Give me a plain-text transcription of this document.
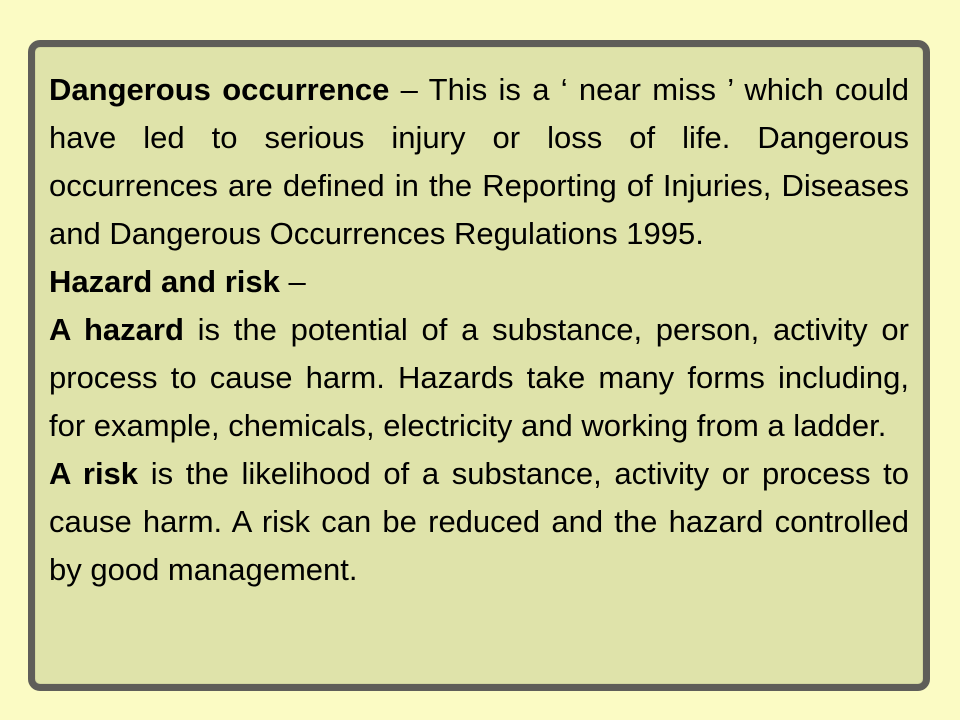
Dangerous occurrence – This is a ‘ near miss ’ which could have led to serious injury or loss of life. Dangerous occurrences are defined in the Reporting of Injuries, Diseases and Dangerous Occurrences Regulations 1995.

Hazard and risk –

A hazard is the potential of a substance, person, activity or process to cause harm. Hazards take many forms including, for example, chemicals, electricity and working from a ladder.

A risk is the likelihood of a substance, activity or process to cause harm. A risk can be reduced and the hazard controlled by good management.
